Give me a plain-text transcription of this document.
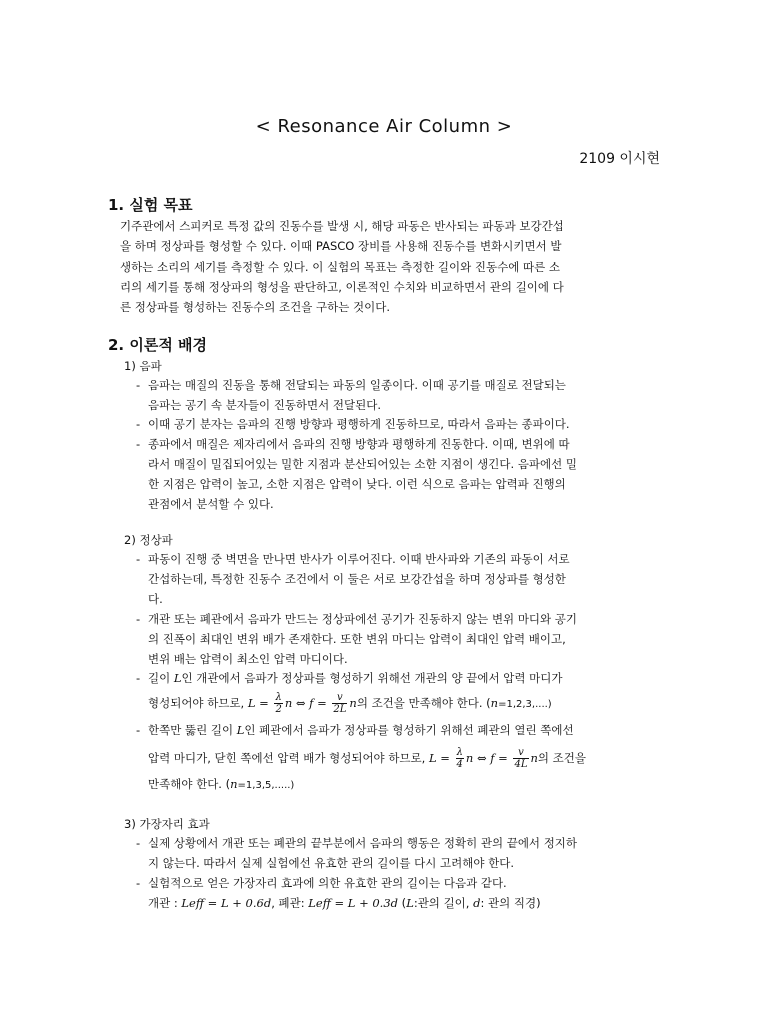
< Resonance Air Column >
2109 이시현
1. 실험 목표
기주관에서 스피커로 특정 값의 진동수를 발생 시, 해당 파동은 반사되는 파동과 보강간섭
을 하며 정상파를 형성할 수 있다. 이때 PASCO 장비를 사용해 진동수를 변화시키면서 발
생하는 소리의 세기를 측정할 수 있다. 이 실험의 목표는 측정한 길이와 진동수에 따른 소
리의 세기를 통해 정상파의 형성을 판단하고, 이론적인 수치와 비교하면서 관의 길이에 다
른 정상파를 형성하는 진동수의 조건을 구하는 것이다.
2. 이론적 배경
1) 음파
- 음파는 매질의 진동을 통해 전달되는 파동의 일종이다. 이때 공기를 매질로 전달되는
음파는 공기 속 분자들이 진동하면서 전달된다.
- 이때 공기 분자는 음파의 진행 방향과 평행하게 진동하므로, 따라서 음파는 종파이다.
- 종파에서 매질은 제자리에서 음파의 진행 방향과 평행하게 진동한다. 이때, 변위에 따
라서 매질이 밀집되어있는 밀한 지점과 분산되어있는 소한 지점이 생긴다. 음파에선 밀
한 지점은 압력이 높고, 소한 지점은 압력이 낮다. 이런 식으로 음파는 압력파 진행의
관점에서 분석할 수 있다.
2) 정상파
- 파동이 진행 중 벽면을 만나면 반사가 이루어진다. 이때 반사파와 기존의 파동이 서로
간섭하는데, 특정한 진동수 조건에서 이 둘은 서로 보강간섭을 하며 정상파를 형성한
다.
- 개관 또는 폐관에서 음파가 만드는 정상파에선 공기가 진동하지 않는 변위 마디와 공기
의 진폭이 최대인 변위 배가 존재한다. 또한 변위 마디는 압력이 최대인 압력 배이고,
변위 배는 압력이 최소인 압력 마디이다.
- 길이 L인 개관에서 음파가 정상파를 형성하기 위해선 개관의 양 끝에서 압력 마디가
형성되어야 하므로, $L = \frac{\lambda}{2}$ n ⇔ $f = \frac{v}{2L}$ n의 조건을 만족해야 한다. (n=1,2,3,....)
- 한쪽만 뚫린 길이 L인 폐관에서 음파가 정상파를 형성하기 위해선 폐관의 열린 쪽에선
압력 마디가, 닫힌 쪽에선 압력 배가 형성되어야 하므로, $L = \frac{\lambda}{4}$ n ⇔ $f = \frac{v}{4L}$ n의 조건을
만족해야 한다. (n=1,3,5,.....)
3) 가장자리 효과
- 실제 상황에서 개관 또는 폐관의 끝부분에서 음파의 행동은 정확히 관의 끝에서 정지하
지 않는다. 따라서 실제 실험에선 유효한 관의 길이를 다시 고려해야 한다.
- 실험적으로 얻은 가장자리 효과에 의한 유효한 관의 길이는 다음과 같다.
개관 : Leff = L + 0.6d, 폐관: Leff = L + 0.3d (L:관의 길이, d: 관의 직경)
